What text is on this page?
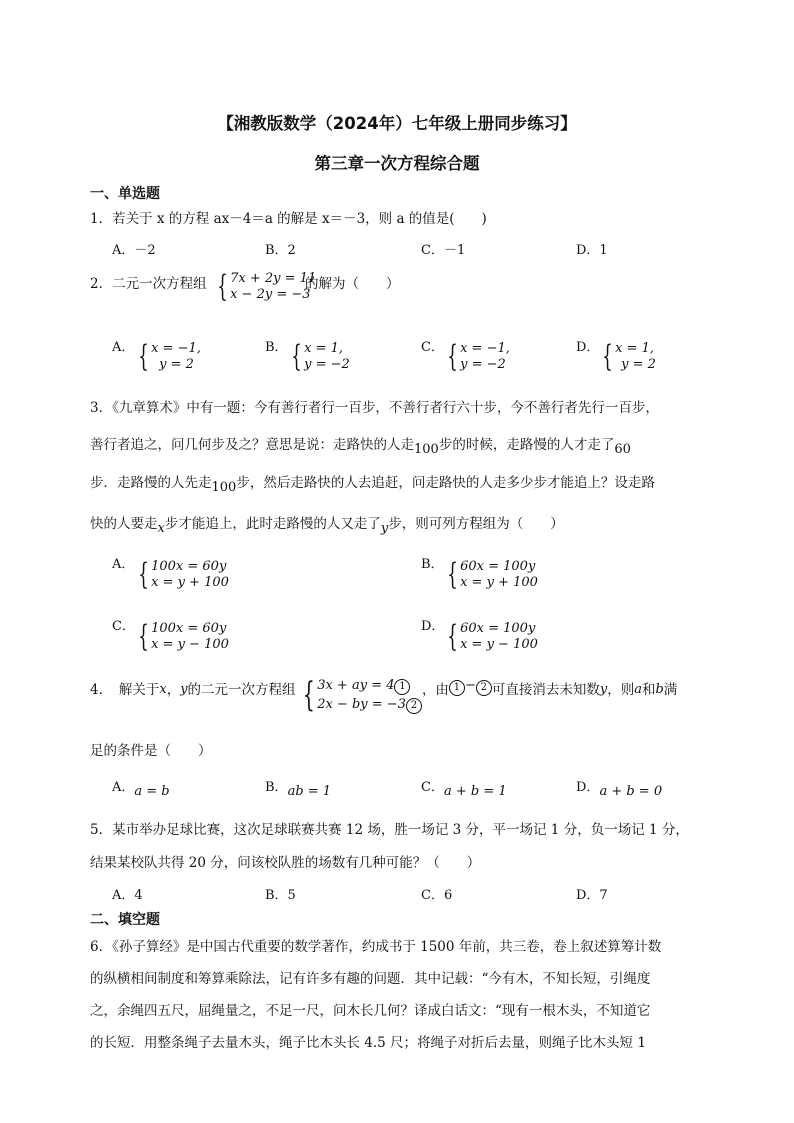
【湘教版数学（2024年）七年级上册同步练习】
第三章一次方程综合题
一、单选题
1．若关于 x 的方程 ax－4＝a 的解是 x＝－3，则 a 的值是(　　)
A．－2	B．2	C．－1	D．1
2．二元一次方程组 { 7x + 2y = 11
x − 2y = −3
的解为（　　）
A． { x = −1,
y = 2
B． { x = 1,
y = −2
C． { x = −1,
y = −2
D． { x = 1,
y = 2
3．《九章算术》中有一题：今有善行者行一百步，不善行者行六十步，今不善行者先行一百步，
善行者追之，问几何步及之？意思是说：走路快的人走100步的时候，走路慢的人才走了60
步．走路慢的人先走100步，然后走路快的人去追赶，问走路快的人走多少步才能追上？设走路
快的人要走x步才能追上，此时走路慢的人又走了y步，则可列方程组为（　　）
A． { 100x = 60y
x = y + 100
B． { 60x = 100y
x = y + 100
C． { 100x = 60y
x = y − 100
D． { 60x = 100y
x = y − 100
4．　解关于 x ， y 的二元一次方程组 { 3x + ay = 4 1
2x − by = −3 2
，由 1 − 2 可直接消去未知数 y ，则 a 和 b 满
足的条件是（　　）
A．a = b	B．ab = 1	C．a + b = 1	D．a + b = 0
5．某市举办足球比赛，这次足球联赛共赛 12 场，胜一场记 3 分，平一场记 1 分，负一场记 1 分，
结果某校队共得 20 分，问该校队胜的场数有几种可能？（　　）
A．4	B．5	C．6	D．7
二、填空题
6．《孙子算经》是中国古代重要的数学著作，约成书于 1500 年前，共三卷，卷上叙述算筹计数
的纵横相间制度和筹算乘除法，记有许多有趣的问题．其中记载：“今有木，不知长短，引绳度
之，余绳四五尺，屈绳量之，不足一尺，问木长几何？译成白话文：“现有一根木头，不知道它
的长短．用整条绳子去量木头，绳子比木头长 4.5 尺；将绳子对折后去量，则绳子比木头短 1
